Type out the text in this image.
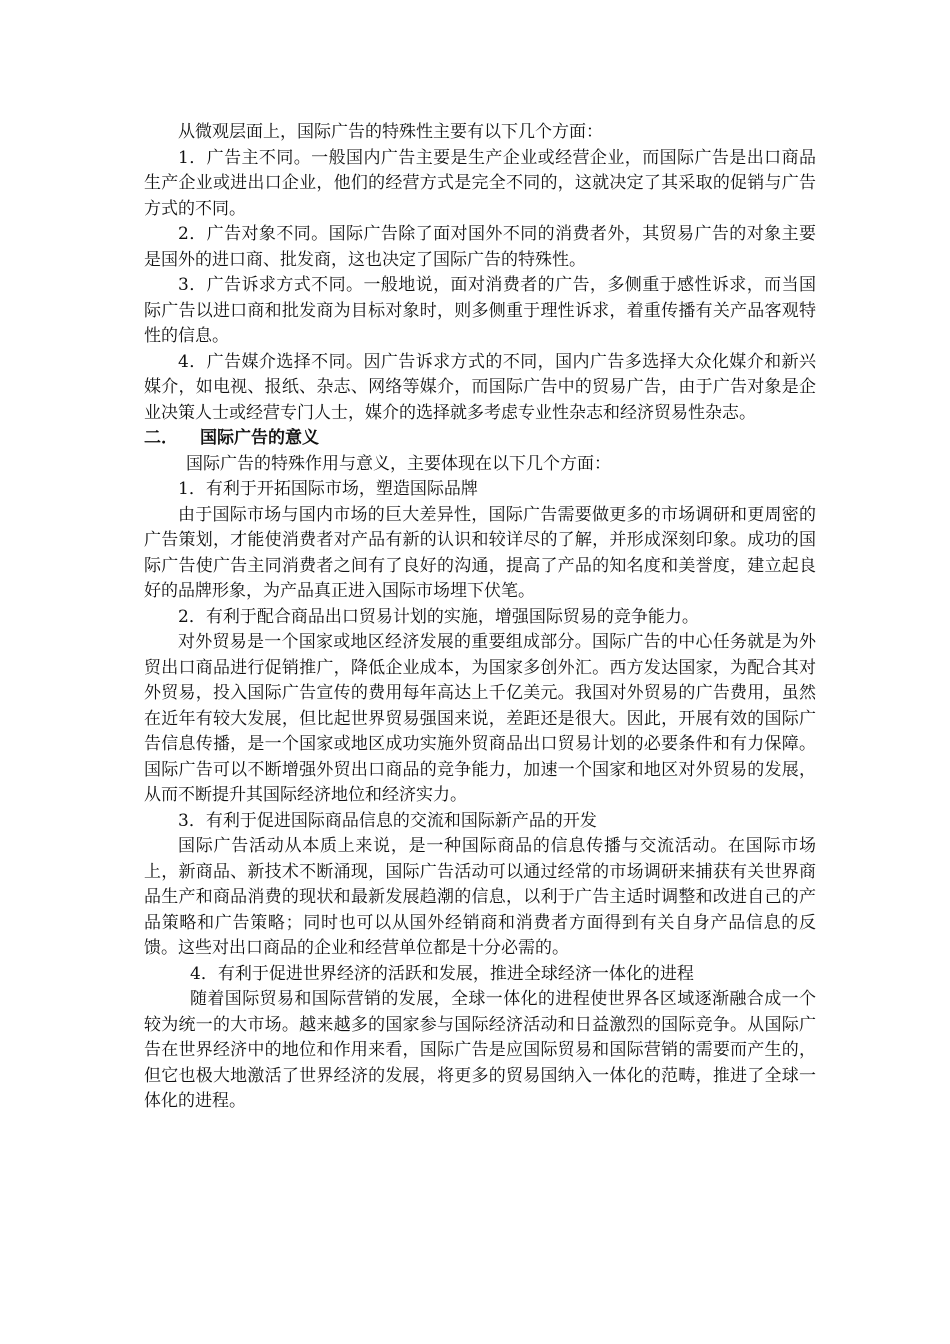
从微观层面上，国际广告的特殊性主要有以下几个方面：

1．广告主不同。一般国内广告主要是生产企业或经营企业，而国际广告是出口商品生产企业或进出口企业，他们的经营方式是完全不同的，这就决定了其采取的促销与广告方式的不同。

2．广告对象不同。国际广告除了面对国外不同的消费者外，其贸易广告的对象主要是国外的进口商、批发商，这也决定了国际广告的特殊性。

3．广告诉求方式不同。一般地说，面对消费者的广告，多侧重于感性诉求，而当国际广告以进口商和批发商为目标对象时，则多侧重于理性诉求，着重传播有关产品客观特性的信息。

4．广告媒介选择不同。因广告诉求方式的不同，国内广告多选择大众化媒介和新兴媒介，如电视、报纸、杂志、网络等媒介，而国际广告中的贸易广告，由于广告对象是企业决策人士或经营专门人士，媒介的选择就多考虑专业性杂志和经济贸易性杂志。

二． 国际广告的意义

国际广告的特殊作用与意义，主要体现在以下几个方面：

1．有利于开拓国际市场，塑造国际品牌

由于国际市场与国内市场的巨大差异性，国际广告需要做更多的市场调研和更周密的广告策划，才能使消费者对产品有新的认识和较详尽的了解，并形成深刻印象。成功的国际广告使广告主同消费者之间有了良好的沟通，提高了产品的知名度和美誉度，建立起良好的品牌形象，为产品真正进入国际市场埋下伏笔。

2．有利于配合商品出口贸易计划的实施，增强国际贸易的竞争能力。

对外贸易是一个国家或地区经济发展的重要组成部分。国际广告的中心任务就是为外贸出口商品进行促销推广，降低企业成本，为国家多创外汇。西方发达国家，为配合其对外贸易，投入国际广告宣传的费用每年高达上千亿美元。我国对外贸易的广告费用，虽然在近年有较大发展，但比起世界贸易强国来说，差距还是很大。因此，开展有效的国际广告信息传播，是一个国家或地区成功实施外贸商品出口贸易计划的必要条件和有力保障。国际广告可以不断增强外贸出口商品的竞争能力，加速一个国家和地区对外贸易的发展，从而不断提升其国际经济地位和经济实力。

3．有利于促进国际商品信息的交流和国际新产品的开发

国际广告活动从本质上来说，是一种国际商品的信息传播与交流活动。在国际市场上，新商品、新技术不断涌现，国际广告活动可以通过经常的市场调研来捕获有关世界商品生产和商品消费的现状和最新发展趋潮的信息，以利于广告主适时调整和改进自己的产品策略和广告策略；同时也可以从国外经销商和消费者方面得到有关自身产品信息的反馈。这些对出口商品的企业和经营单位都是十分必需的。

4．有利于促进世界经济的活跃和发展，推进全球经济一体化的进程

随着国际贸易和国际营销的发展，全球一体化的进程使世界各区域逐渐融合成一个较为统一的大市场。越来越多的国家参与国际经济活动和日益激烈的国际竞争。从国际广告在世界经济中的地位和作用来看，国际广告是应国际贸易和国际营销的需要而产生的，但它也极大地激活了世界经济的发展，将更多的贸易国纳入一体化的范畴，推进了全球一体化的进程。
